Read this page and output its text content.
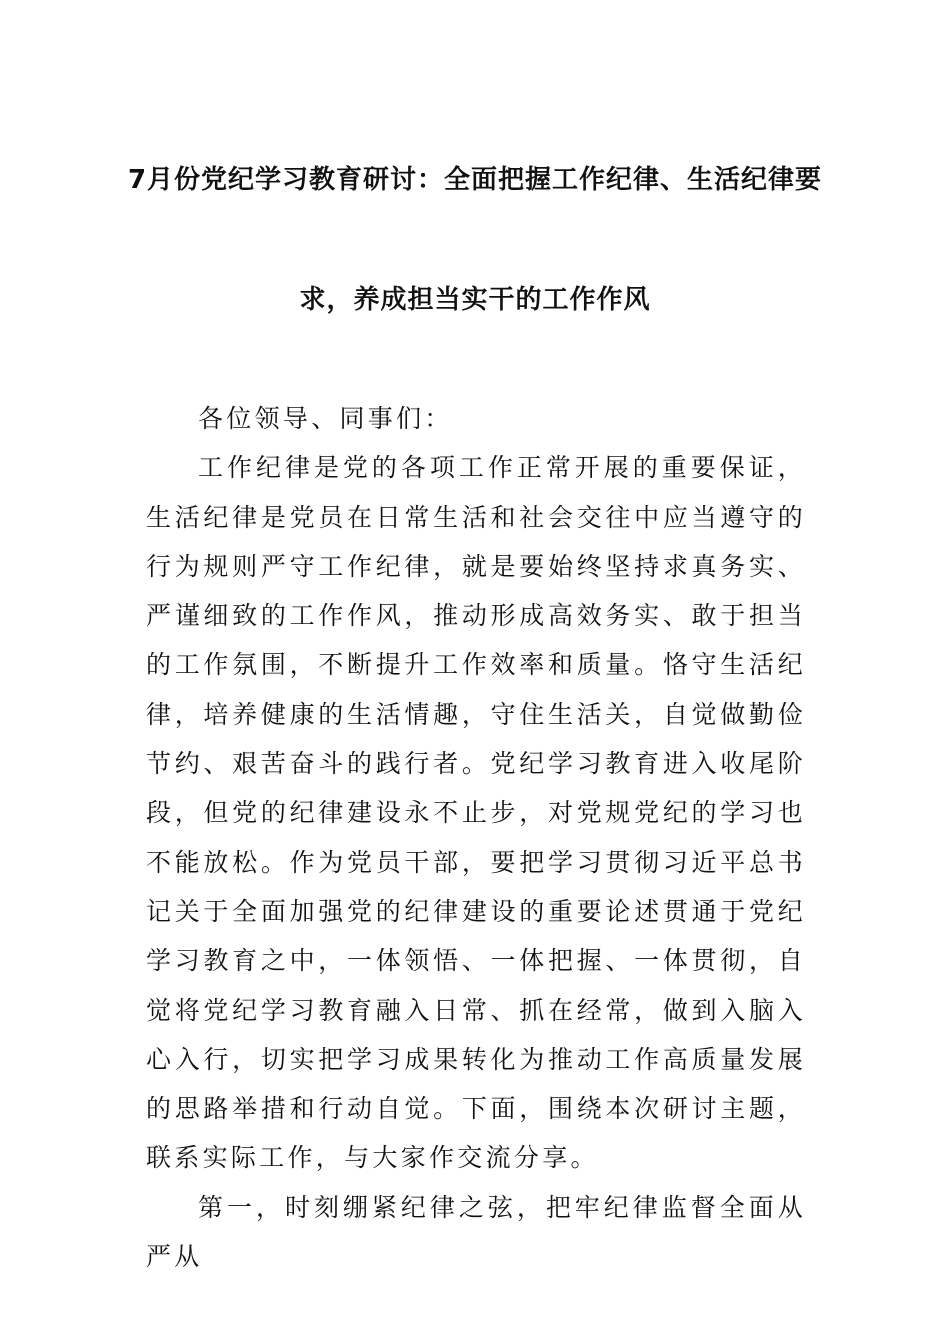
7月份党纪学习教育研讨：全面把握工作纪律、生活纪律要
求，养成担当实干的工作作风

各位领导、同事们：

工作纪律是党的各项工作正常开展的重要保证，生活纪律是党员在日常生活和社会交往中应当遵守的行为规则严守工作纪律，就是要始终坚持求真务实、严谨细致的工作作风，推动形成高效务实、敢于担当的工作氛围，不断提升工作效率和质量。恪守生活纪律，培养健康的生活情趣，守住生活关，自觉做勤俭节约、艰苦奋斗的践行者。党纪学习教育进入收尾阶段，但党的纪律建设永不止步，对党规党纪的学习也不能放松。作为党员干部，要把学习贯彻习近平总书记关于全面加强党的纪律建设的重要论述贯通于党纪学习教育之中，一体领悟、一体把握、一体贯彻，自觉将党纪学习教育融入日常、抓在经常，做到入脑入心入行，切实把学习成果转化为推动工作高质量发展的思路举措和行动自觉。下面，围绕本次研讨主题，联系实际工作，与大家作交流分享。

第一，时刻绷紧纪律之弦，把牢纪律监督全面从严从
